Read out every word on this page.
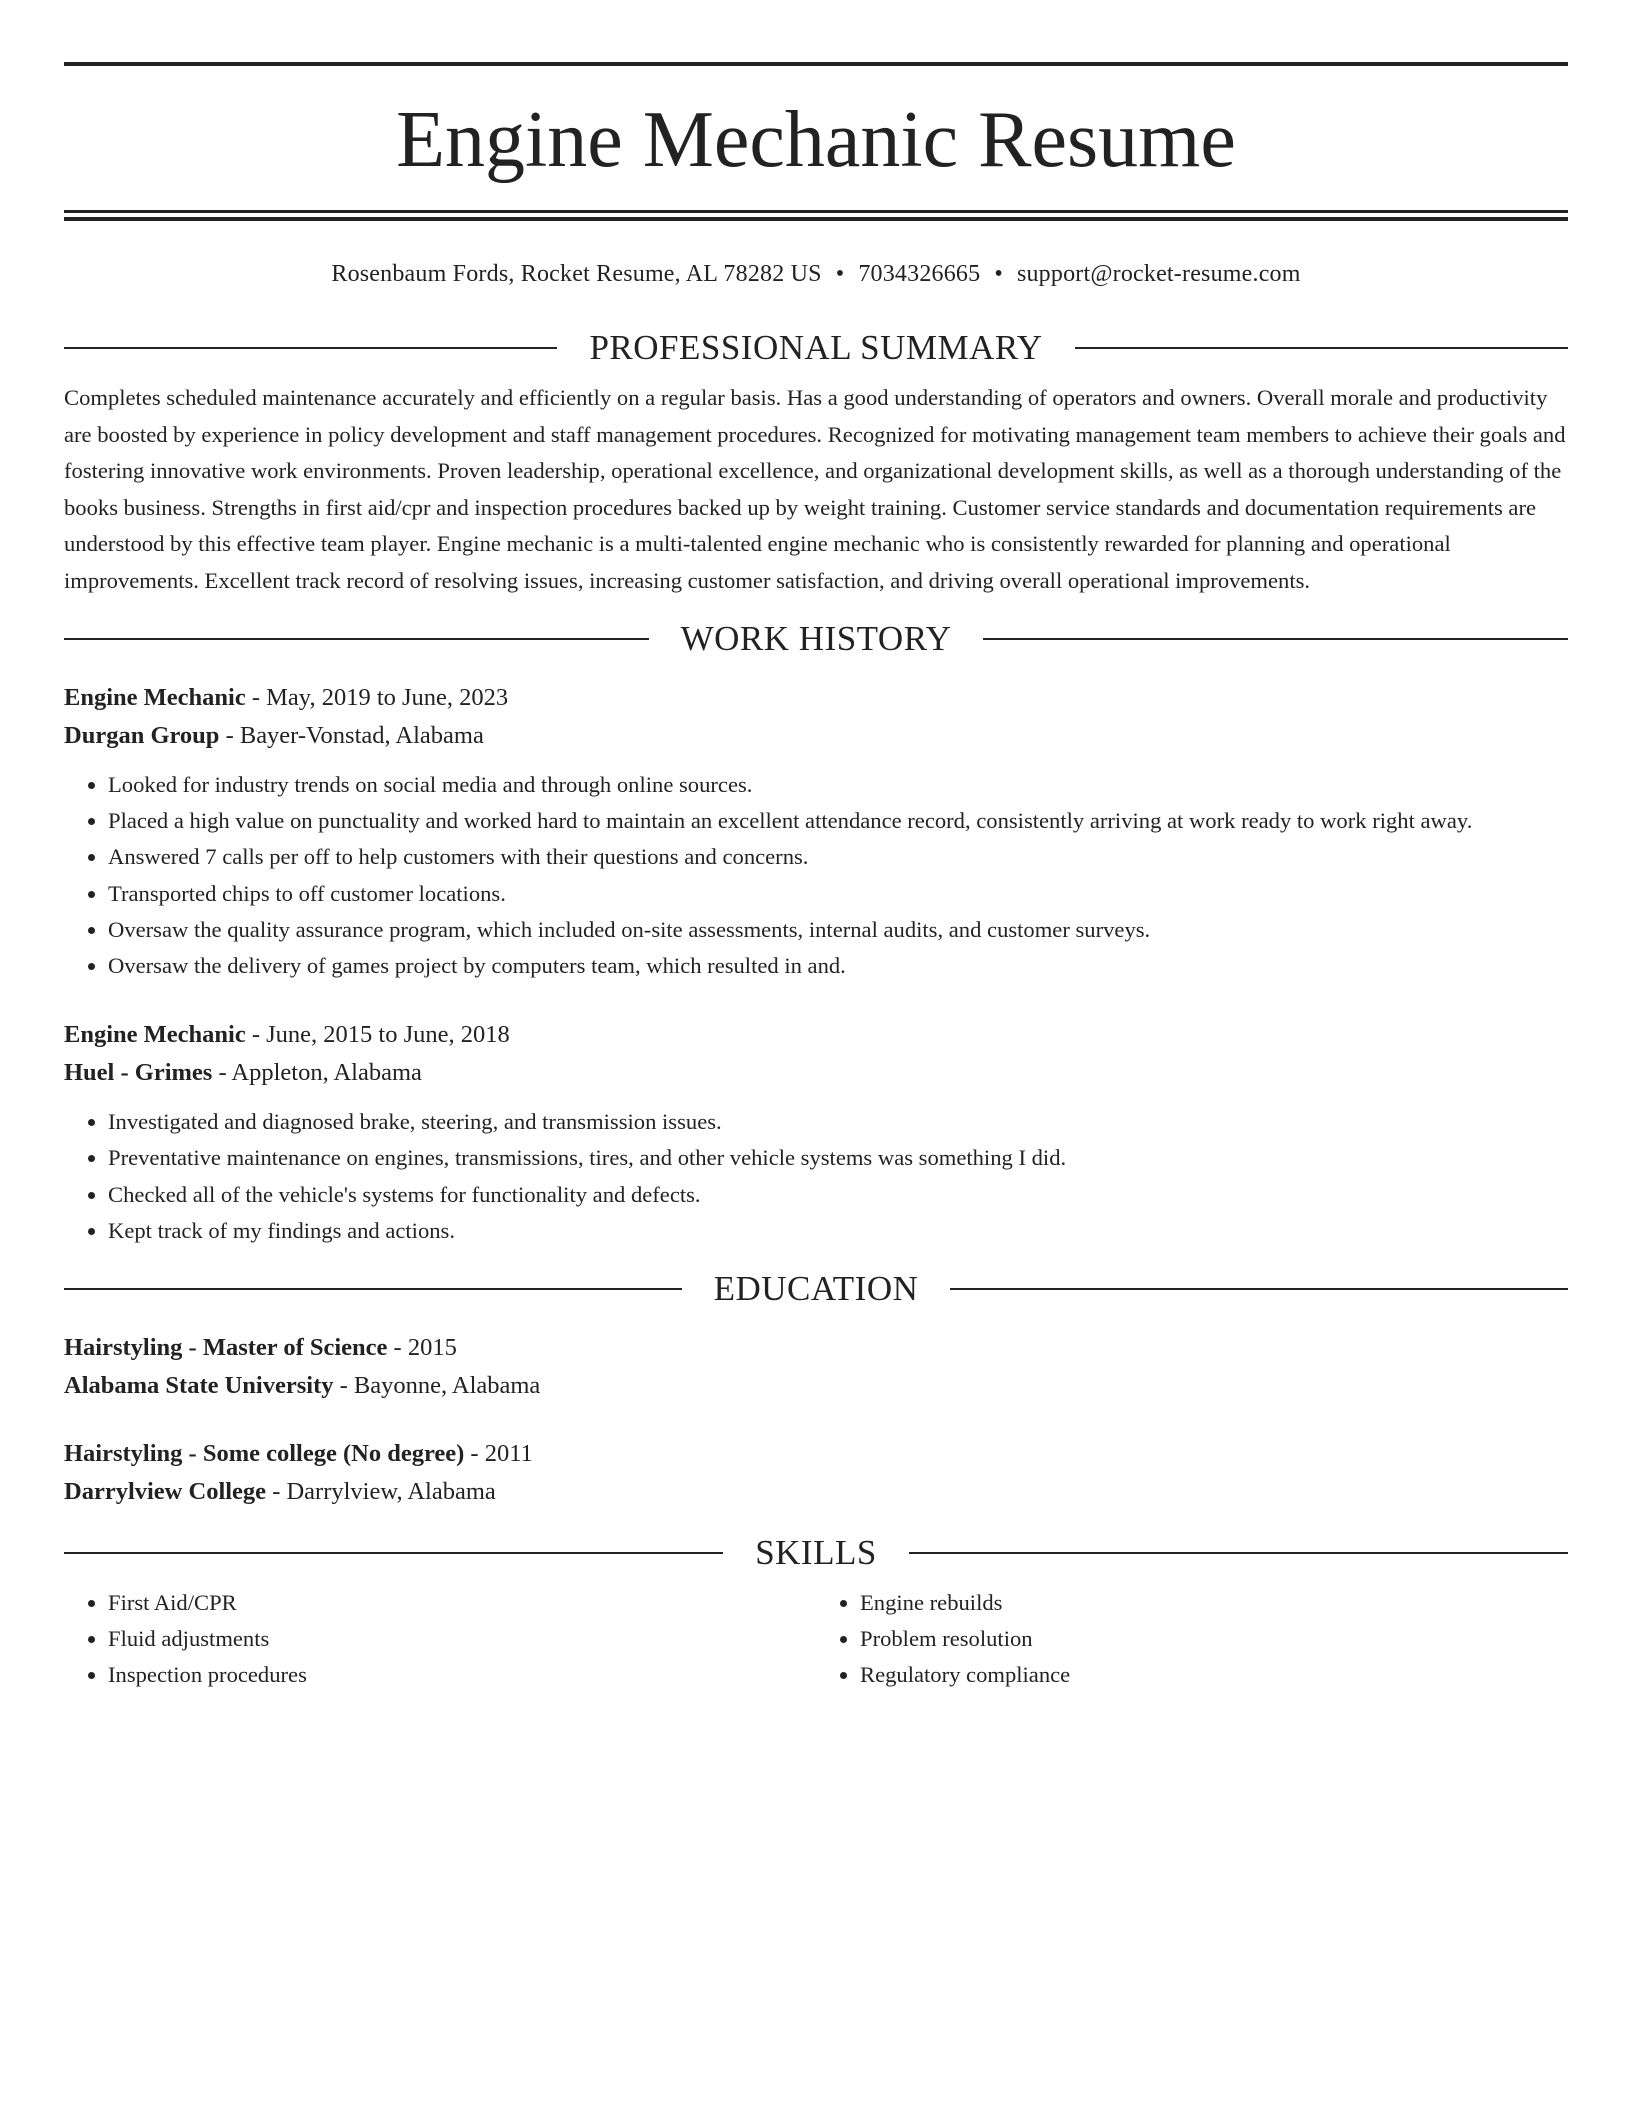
Engine Mechanic Resume
Rosenbaum Fords, Rocket Resume, AL 78282 US • 7034326665 • support@rocket-resume.com
PROFESSIONAL SUMMARY

Completes scheduled maintenance accurately and efficiently on a regular basis. Has a good understanding of operators and owners. Overall morale and productivity are boosted by experience in policy development and staff management procedures. Recognized for motivating management team members to achieve their goals and fostering innovative work environments. Proven leadership, operational excellence, and organizational development skills, as well as a thorough understanding of the books business. Strengths in first aid/cpr and inspection procedures backed up by weight training. Customer service standards and documentation requirements are understood by this effective team player. Engine mechanic is a multi-talented engine mechanic who is consistently rewarded for planning and operational improvements. Excellent track record of resolving issues, increasing customer satisfaction, and driving overall operational improvements.

WORK HISTORY
Engine Mechanic - May, 2019 to June, 2023
Durgan Group - Bayer-Vonstad, Alabama
• Looked for industry trends on social media and through online sources.
• Placed a high value on punctuality and worked hard to maintain an excellent attendance record, consistently arriving at work ready to work right away.
• Answered 7 calls per off to help customers with their questions and concerns.
• Transported chips to off customer locations.
• Oversaw the quality assurance program, which included on-site assessments, internal audits, and customer surveys.
• Oversaw the delivery of games project by computers team, which resulted in and.
Engine Mechanic - June, 2015 to June, 2018
Huel - Grimes - Appleton, Alabama
• Investigated and diagnosed brake, steering, and transmission issues.
• Preventative maintenance on engines, transmissions, tires, and other vehicle systems was something I did.
• Checked all of the vehicle's systems for functionality and defects.
• Kept track of my findings and actions.
EDUCATION
Hairstyling - Master of Science - 2015
Alabama State University - Bayonne, Alabama
Hairstyling - Some college (No degree) - 2011
Darrylview College - Darrylview, Alabama
SKILLS
• First Aid/CPR
• Fluid adjustments
• Inspection procedures
• Engine rebuilds
• Problem resolution
• Regulatory compliance
